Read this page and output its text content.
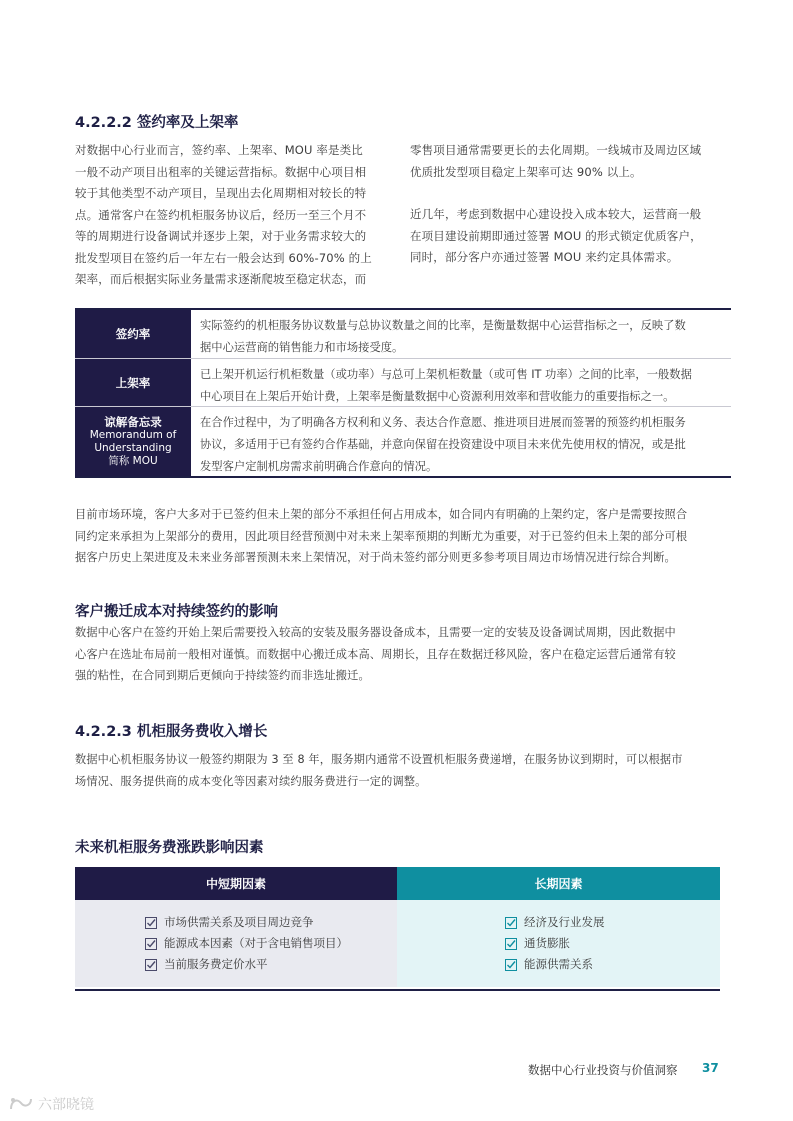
4.2.2.2 签约率及上架率
对数据中心行业而言，签约率、上架率、MOU 率是类比
一般不动产项目出租率的关键运营指标。数据中心项目相
较于其他类型不动产项目，呈现出去化周期相对较长的特
点。通常客户在签约机柜服务协议后，经历一至三个月不
等的周期进行设备调试并逐步上架，对于业务需求较大的
批发型项目在签约后一年左右一般会达到 60%-70% 的上
架率，而后根据实际业务量需求逐渐爬坡至稳定状态，而
零售项目通常需要更长的去化周期。一线城市及周边区域
优质批发型项目稳定上架率可达 90% 以上。
近几年，考虑到数据中心建设投入成本较大，运营商一般
在项目建设前期即通过签署 MOU 的形式锁定优质客户，
同时，部分客户亦通过签署 MOU 来约定具体需求。
签约率
实际签约的机柜服务协议数量与总协议数量之间的比率，是衡量数据中心运营指标之一，反映了数
据中心运营商的销售能力和市场接受度。
上架率
已上架开机运行机柜数量（或功率）与总可上架机柜数量（或可售 IT 功率）之间的比率，一般数据
中心项目在上架后开始计费，上架率是衡量数据中心资源利用效率和营收能力的重要指标之一。
谅解备忘录
Memorandum of
Understanding
简称 MOU
在合作过程中，为了明确各方权利和义务、表达合作意愿、推进项目进展而签署的预签约机柜服务
协议，多适用于已有签约合作基础，并意向保留在投资建设中项目未来优先使用权的情况，或是批
发型客户定制机房需求前明确合作意向的情况。
目前市场环境，客户大多对于已签约但未上架的部分不承担任何占用成本，如合同内有明确的上架约定，客户是需要按照合
同约定来承担为上架部分的费用，因此项目经营预测中对未来上架率预期的判断尤为重要，对于已签约但未上架的部分可根
据客户历史上架进度及未来业务部署预测未来上架情况，对于尚未签约部分则更多参考项目周边市场情况进行综合判断。
客户搬迁成本对持续签约的影响
数据中心客户在签约开始上架后需要投入较高的安装及服务器设备成本，且需要一定的安装及设备调试周期，因此数据中
心客户在选址布局前一般相对谨慎。而数据中心搬迁成本高、周期长，且存在数据迁移风险，客户在稳定运营后通常有较
强的粘性，在合同到期后更倾向于持续签约而非选址搬迁。
4.2.2.3 机柜服务费收入增长
数据中心机柜服务协议一般签约期限为 3 至 8 年，服务期内通常不设置机柜服务费递增，在服务协议到期时，可以根据市
场情况、服务提供商的成本变化等因素对续约服务费进行一定的调整。
未来机柜服务费涨跌影响因素
中短期因素	长期因素
市场供需关系及项目周边竞争
能源成本因素（对于含电销售项目）
当前服务费定价水平
经济及行业发展
通货膨胀
能源供需关系
数据中心行业投资与价值洞察 37
六部晓镜
